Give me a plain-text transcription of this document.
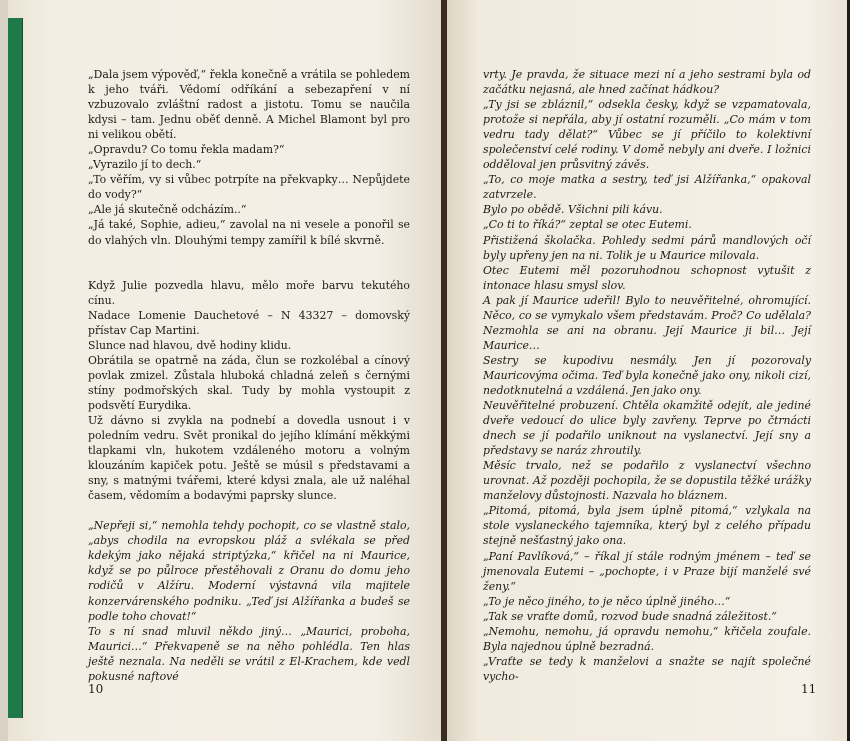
„Dala jsem výpověď,“ řekla konečně a vrátila se pohledem k jeho tváři. Vědomí odříkání a sebezapření v ní vzbuzovalo zvláštní radost a jistotu. Tomu se naučila kdysi – tam. Jednu oběť denně. A Michel Blamont byl pro ni velikou obětí.

„Opravdu? Co tomu řekla madam?“

„Vyrazilo jí to dech.“

„To věřím, vy si vůbec potrpíte na překvapky… Nepůjdete do vody?“

„Ale já skutečně odcházím..“

„Já také, Sophie, adieu,“ zavolal na ni vesele a ponořil se do vlahých vln. Dlouhými tempy zamířil k bílé skvrně.

Když Julie pozvedla hlavu, mělo moře barvu tekutého cínu.

Nadace Lomenie Dauchetové – N 43327 – domovský přístav Cap Martini.

Slunce nad hlavou, dvě hodiny klidu.

Obrátila se opatrně na záda, člun se rozkolébal a cínový povlak zmizel. Zůstala hluboká chladná zeleň s černými stíny podmořských skal. Tudy by mohla vystoupit z podsvětí Eurydika.

Už dávno si zvykla na podnebí a dovedla usnout i v poledním vedru. Svět pronikal do jejího klímání měkkými tlapkami vln, hukotem vzdáleného motoru a volným klouzáním kapiček potu. Ještě se músil s představami a sny, s matnými tvářemi, které kdysi znala, ale už naléhal časem, vědomím a bodavými paprsky slunce.

„Nepřeji si,“ nemohla tehdy pochopit, co se vlastně stalo, „abys chodila na evropskou pláž a svlékala se před kdekým jako nějaká striptýzka,“ křičel na ni Maurice, když se po půlroce přestěhovali z Oranu do domu jeho rodičů v Alžíru. Moderní výstavná vila majitele konzervárenského podniku. „Teď jsi Alžířanka a budeš se podle toho chovat!“

To s ní snad mluvil někdo jiný… „Maurici, proboha, Maurici…“ Překvapeně se na něho pohlédla. Ten hlas ještě neznala. Na neděli se vrátil z El-Krachem, kde vedl pokusné naftové

10

vrty. Je pravda, že situace mezi ní a jeho sestrami byla od začátku nejasná, ale hned začínat hádkou?

„Ty jsi se zbláznil,“ odsekla česky, když se vzpamatovala, protože si nepřála, aby jí ostatní rozuměli. „Co mám v tom vedru tady dělat?“ Vůbec se jí příčilo to kolektivní společenství celé rodiny. V domě nebyly ani dveře. I ložnici odděloval jen průsvitný závěs.

„To, co moje matka a sestry, teď jsi Alžířanka,“ opakoval zatvrzele.

Bylo po obědě. Všichni pili kávu.

„Co ti to říká?“ zeptal se otec Eutemi.

Přistižená školačka. Pohledy sedmi párů mandlových očí byly upřeny jen na ni. Tolik je u Maurice milovala.

Otec Eutemi měl pozoruhodnou schopnost vytušit z intonace hlasu smysl slov.

A pak jí Maurice udeřil! Bylo to neuvěřitelné, ohromující. Něco, co se vymykalo všem představám. Proč? Co udělala? Nezmohla se ani na obranu. Její Maurice ji bil… Její Maurice…

Sestry se kupodivu nesmály. Jen jí pozorovaly Mauricovýma očima. Teď byla konečně jako ony, nikoli cizí, nedotknutelná a vzdálená. Jen jako ony.

Neuvěřitelné probuzení. Chtěla okamžitě odejít, ale jediné dveře vedoucí do ulice byly zavřeny. Teprve po čtrnácti dnech se jí podařilo uniknout na vyslanectví. Její sny a představy se naráz zhroutily.

Měsíc trvalo, než se podařilo z vyslanectví všechno urovnat. Až později pochopila, že se dopustila těžké urážky manželovy důstojnosti. Nazvala ho bláznem.

„Pitomá, pitomá, byla jsem úplně pitomá,“ vzlykala na stole vyslaneckého tajemníka, který byl z celého případu stejně nešťastný jako ona.

„Paní Pavlíková,“ – říkal jí stále rodným jménem – teď se jmenovala Eutemi – „pochopte, i v Praze bijí manželé své ženy.“

„To je něco jiného, to je něco úplně jiného…“

„Tak se vraťte domů, rozvod bude snadná záležitost.“

„Nemohu, nemohu, já opravdu nemohu,“ křičela zoufale. Byla najednou úplně bezradná.

„Vraťte se tedy k manželovi a snažte se najít společné vycho-

11
